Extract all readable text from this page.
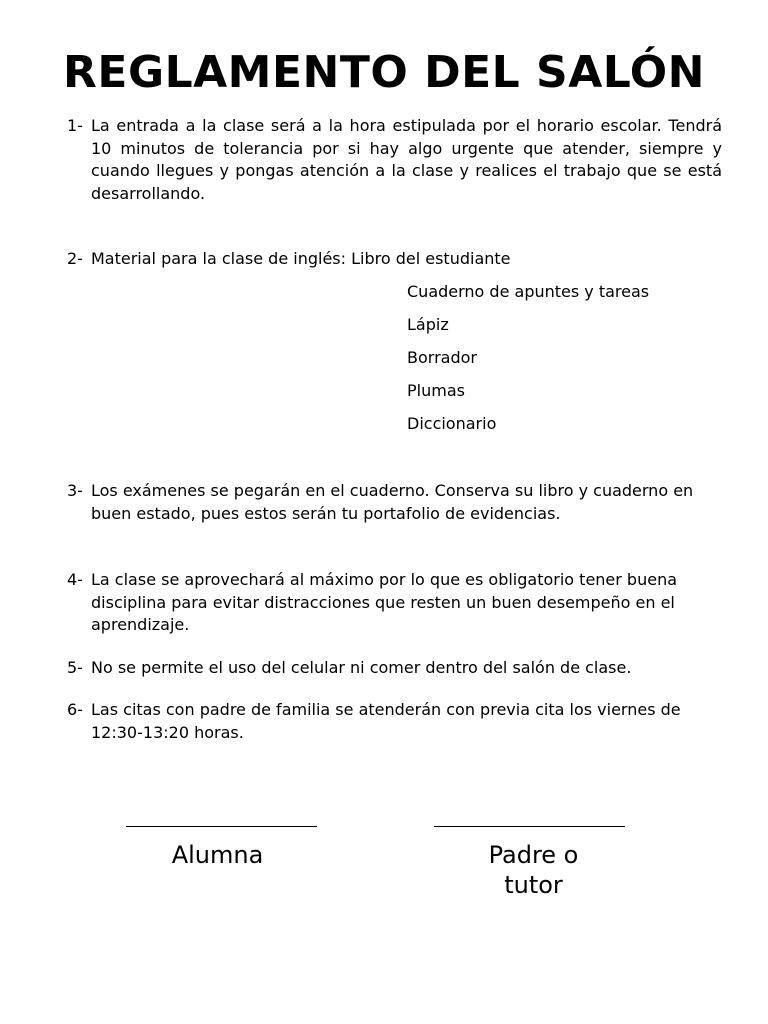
REGLAMENTO DEL SALÓN
1- La entrada a la clase será a la hora estipulada por el horario escolar. Tendrá 10 minutos de tolerancia por si hay algo urgente que atender, siempre y cuando llegues y pongas atención a la clase y realices el trabajo que se está desarrollando.
2- Material para la clase de inglés: Libro del estudiante
Cuaderno de apuntes y tareas
Lápiz
Borrador
Plumas
Diccionario
3- Los exámenes se pegarán en el cuaderno. Conserva su libro y cuaderno en buen estado, pues estos serán tu portafolio de evidencias.
4- La clase se aprovechará al máximo por lo que es obligatorio tener buena disciplina para evitar distracciones que resten un buen desempeño en el aprendizaje.
5- No se permite el uso del celular ni comer dentro del salón de clase.
6- Las citas con padre de familia se atenderán con previa cita los viernes de 12:30-13:20 horas.
Alumna	Padre o
tutor
